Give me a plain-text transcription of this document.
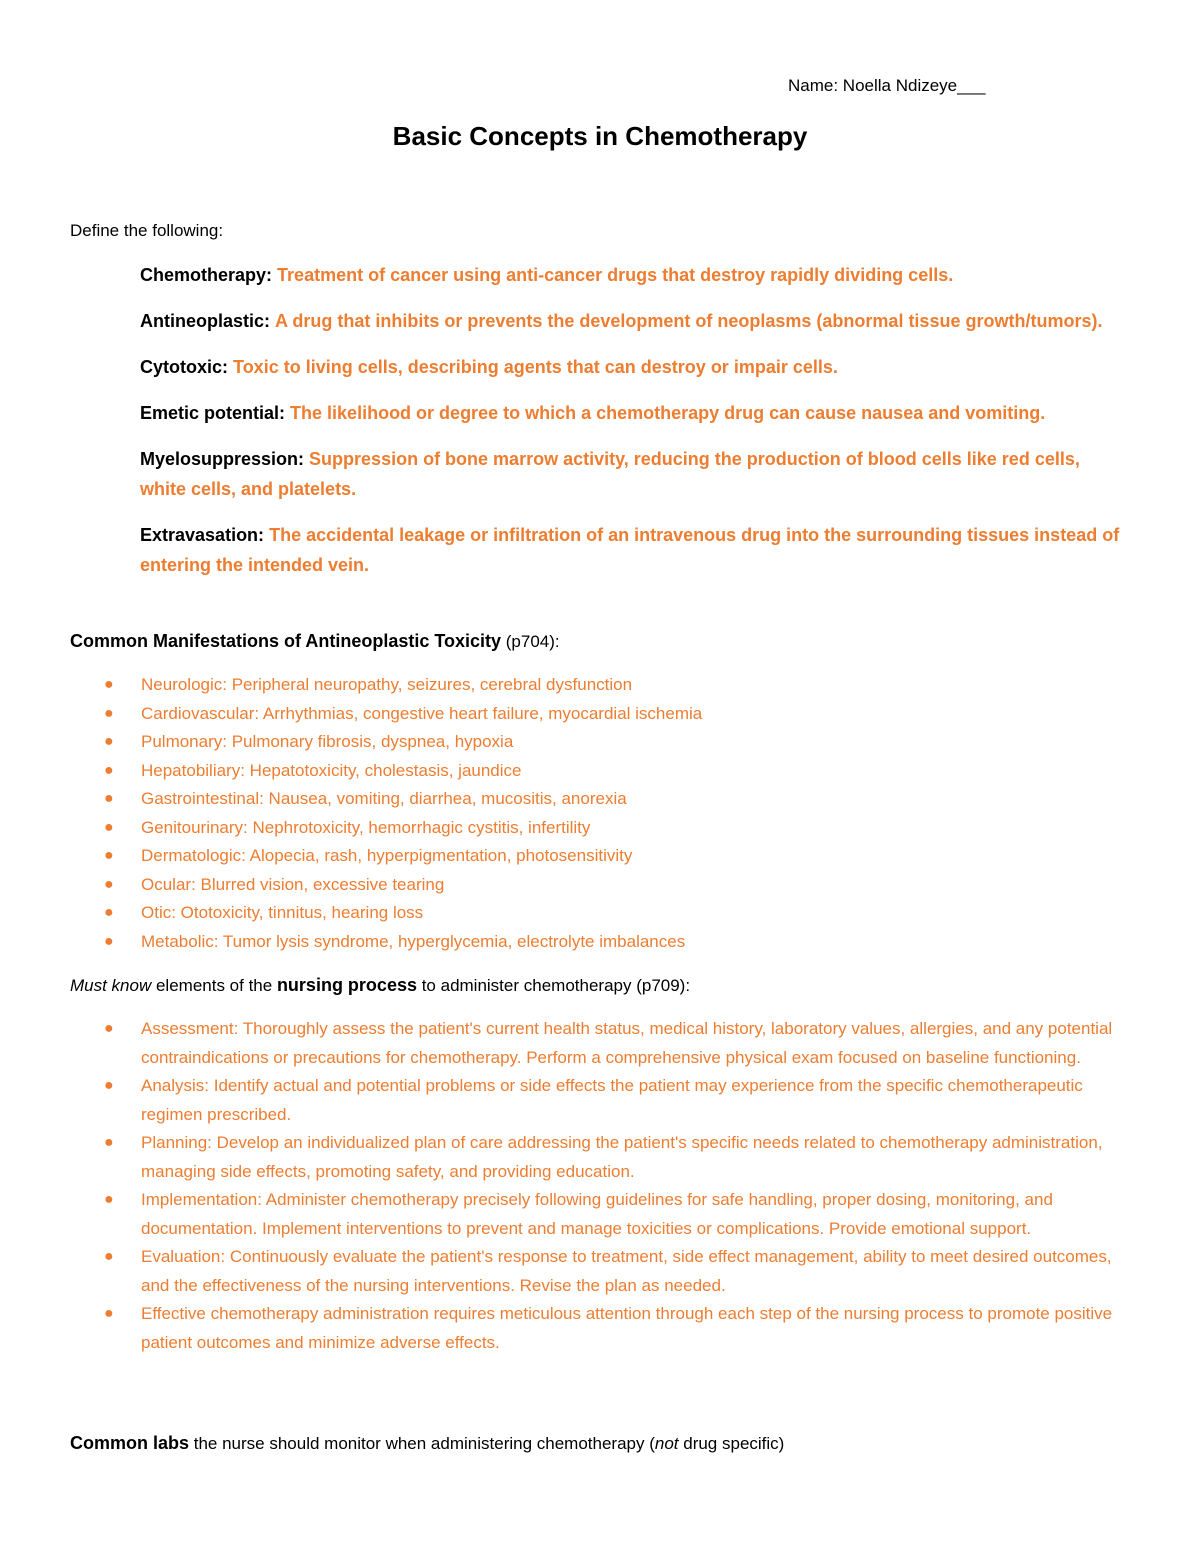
Name: Noella Ndizeye___
Basic Concepts in Chemotherapy
Define the following:
Chemotherapy: Treatment of cancer using anti-cancer drugs that destroy rapidly dividing cells.
Antineoplastic: A drug that inhibits or prevents the development of neoplasms (abnormal tissue growth/tumors).
Cytotoxic: Toxic to living cells, describing agents that can destroy or impair cells.
Emetic potential: The likelihood or degree to which a chemotherapy drug can cause nausea and vomiting.
Myelosuppression: Suppression of bone marrow activity, reducing the production of blood cells like red cells, white cells, and platelets.
Extravasation: The accidental leakage or infiltration of an intravenous drug into the surrounding tissues instead of entering the intended vein.
Common Manifestations of Antineoplastic Toxicity (p704):
● Neurologic: Peripheral neuropathy, seizures, cerebral dysfunction
● Cardiovascular: Arrhythmias, congestive heart failure, myocardial ischemia
● Pulmonary: Pulmonary fibrosis, dyspnea, hypoxia
● Hepatobiliary: Hepatotoxicity, cholestasis, jaundice
● Gastrointestinal: Nausea, vomiting, diarrhea, mucositis, anorexia
● Genitourinary: Nephrotoxicity, hemorrhagic cystitis, infertility
● Dermatologic: Alopecia, rash, hyperpigmentation, photosensitivity
● Ocular: Blurred vision, excessive tearing
● Otic: Ototoxicity, tinnitus, hearing loss
● Metabolic: Tumor lysis syndrome, hyperglycemia, electrolyte imbalances
Must know elements of the nursing process to administer chemotherapy (p709):
● Assessment: Thoroughly assess the patient's current health status, medical history, laboratory values, allergies, and any potential contraindications or precautions for chemotherapy. Perform a comprehensive physical exam focused on baseline functioning.
● Analysis: Identify actual and potential problems or side effects the patient may experience from the specific chemotherapeutic regimen prescribed.
● Planning: Develop an individualized plan of care addressing the patient's specific needs related to chemotherapy administration, managing side effects, promoting safety, and providing education.
● Implementation: Administer chemotherapy precisely following guidelines for safe handling, proper dosing, monitoring, and documentation. Implement interventions to prevent and manage toxicities or complications. Provide emotional support.
● Evaluation: Continuously evaluate the patient's response to treatment, side effect management, ability to meet desired outcomes, and the effectiveness of the nursing interventions. Revise the plan as needed.
● Effective chemotherapy administration requires meticulous attention through each step of the nursing process to promote positive patient outcomes and minimize adverse effects.
Common labs the nurse should monitor when administering chemotherapy (not drug specific)
